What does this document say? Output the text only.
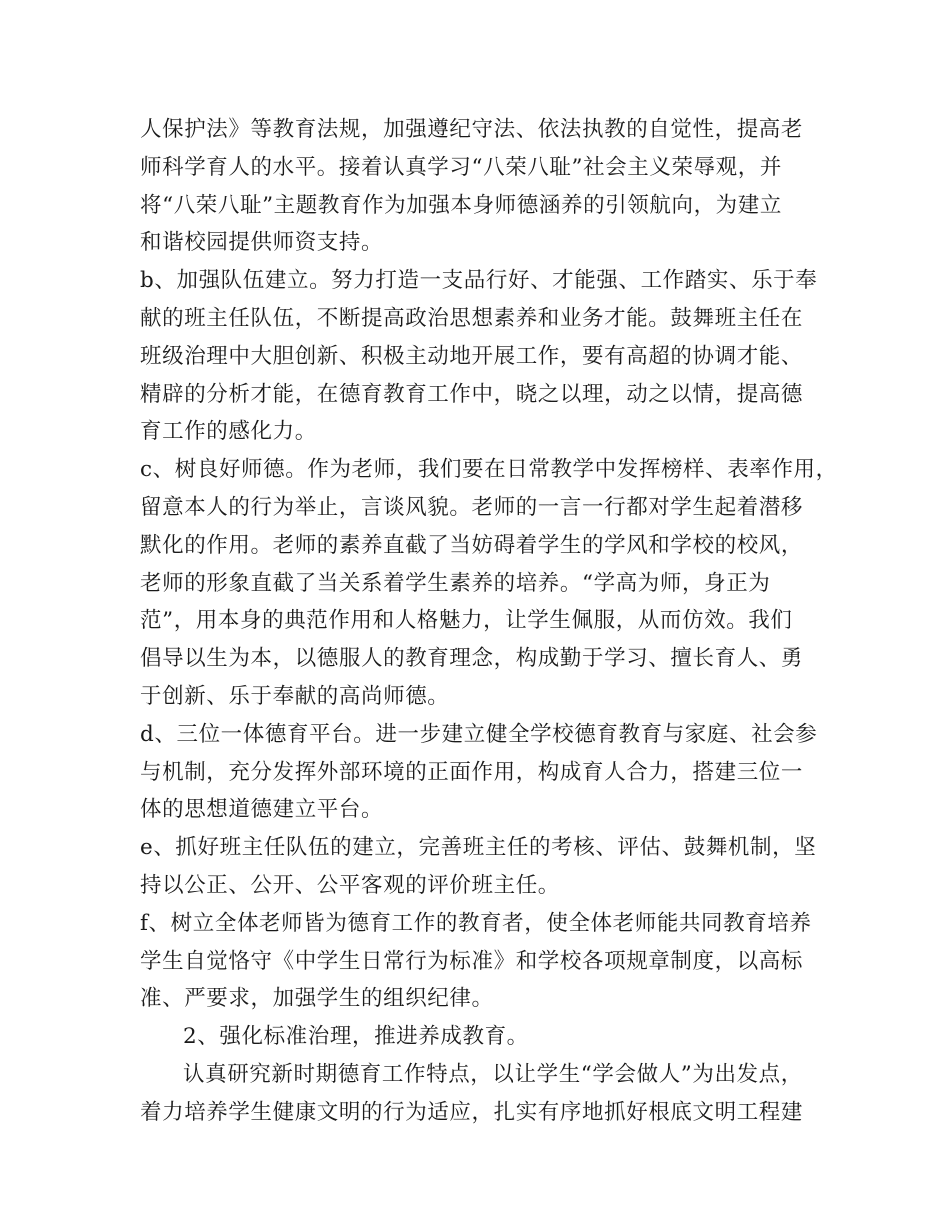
人保护法》等教育法规，加强遵纪守法、依法执教的自觉性，提高老
师科学育人的水平。接着认真学习“八荣八耻”社会主义荣辱观，并
将“八荣八耻”主题教育作为加强本身师德涵养的引领航向，为建立
和谐校园提供师资支持。
b、加强队伍建立。努力打造一支品行好、才能强、工作踏实、乐于奉
献的班主任队伍，不断提高政治思想素养和业务才能。鼓舞班主任在
班级治理中大胆创新、积极主动地开展工作，要有高超的协调才能、
精辟的分析才能，在德育教育工作中，晓之以理，动之以情，提高德
育工作的感化力。
c、树良好师德。作为老师，我们要在日常教学中发挥榜样、表率作用，
留意本人的行为举止，言谈风貌。老师的一言一行都对学生起着潜移
默化的作用。老师的素养直截了当妨碍着学生的学风和学校的校风，
老师的形象直截了当关系着学生素养的培养。“学高为师，身正为
范”，用本身的典范作用和人格魅力，让学生佩服，从而仿效。我们
倡导以生为本，以德服人的教育理念，构成勤于学习、擅长育人、勇
于创新、乐于奉献的高尚师德。
d、三位一体德育平台。进一步建立健全学校德育教育与家庭、社会参
与机制，充分发挥外部环境的正面作用，构成育人合力，搭建三位一
体的思想道德建立平台。
e、抓好班主任队伍的建立，完善班主任的考核、评估、鼓舞机制，坚
持以公正、公开、公平客观的评价班主任。
f、树立全体老师皆为德育工作的教育者，使全体老师能共同教育培养
学生自觉恪守《中学生日常行为标准》和学校各项规章制度，以高标
准、严要求，加强学生的组织纪律。
2、强化标准治理，推进养成教育。
认真研究新时期德育工作特点，以让学生“学会做人”为出发点，
着力培养学生健康文明的行为适应，扎实有序地抓好根底文明工程建
